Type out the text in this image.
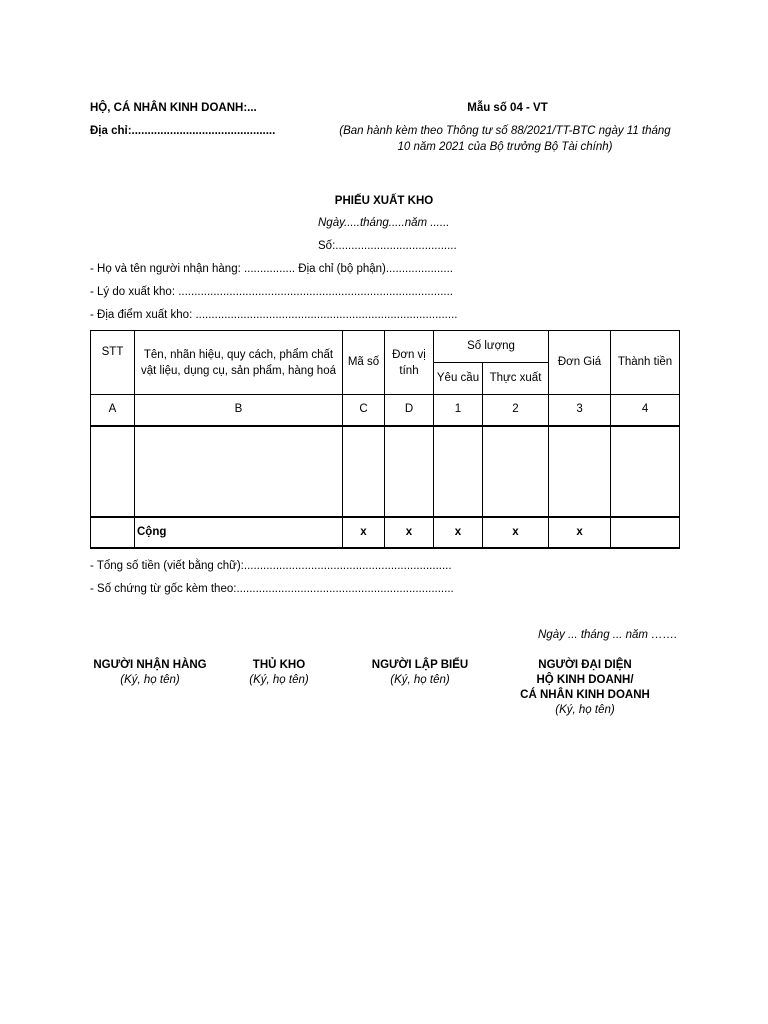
HỘ, CÁ NHÂN KINH DOANH:...
Địa chỉ:.............................................
Mẫu số 04 - VT
(Ban hành kèm theo Thông tư số 88/2021/TT-BTC ngày 11 tháng
10 năm 2021 của Bộ trưởng Bộ Tài chính)
PHIẾU XUẤT KHO
Ngày.....tháng.....năm ......
Số:......................................
- Họ và tên người nhận hàng: ................ Địa chỉ (bộ phận).....................
- Lý do xuất kho: ......................................................................................
- Địa điểm xuất kho: ..................................................................................
STT	Tên, nhãn hiệu, quy cách, phẩm chất vật liệu, dụng cụ, sản phẩm, hàng hoá	Mã số	Đơn vị tính	Số lượng		Đơn Giá	Thành tiền
				Yêu cầu	Thực xuất		
A	B	C	D	1	2	3	4

	Cộng	x	x	x	x	x	
- Tổng số tiền (viết bằng chữ):.................................................................
- Số chứng từ gốc kèm theo:....................................................................
Ngày ... tháng ... năm …….
NGƯỜI NHẬN HÀNG
(Ký, họ tên)
THỦ KHO
(Ký, họ tên)
NGƯỜI LẬP BIỂU
(Ký, họ tên)
NGƯỜI ĐẠI DIỆN
HỘ KINH DOANH/
CÁ NHÂN KINH DOANH
(Ký, họ tên)
